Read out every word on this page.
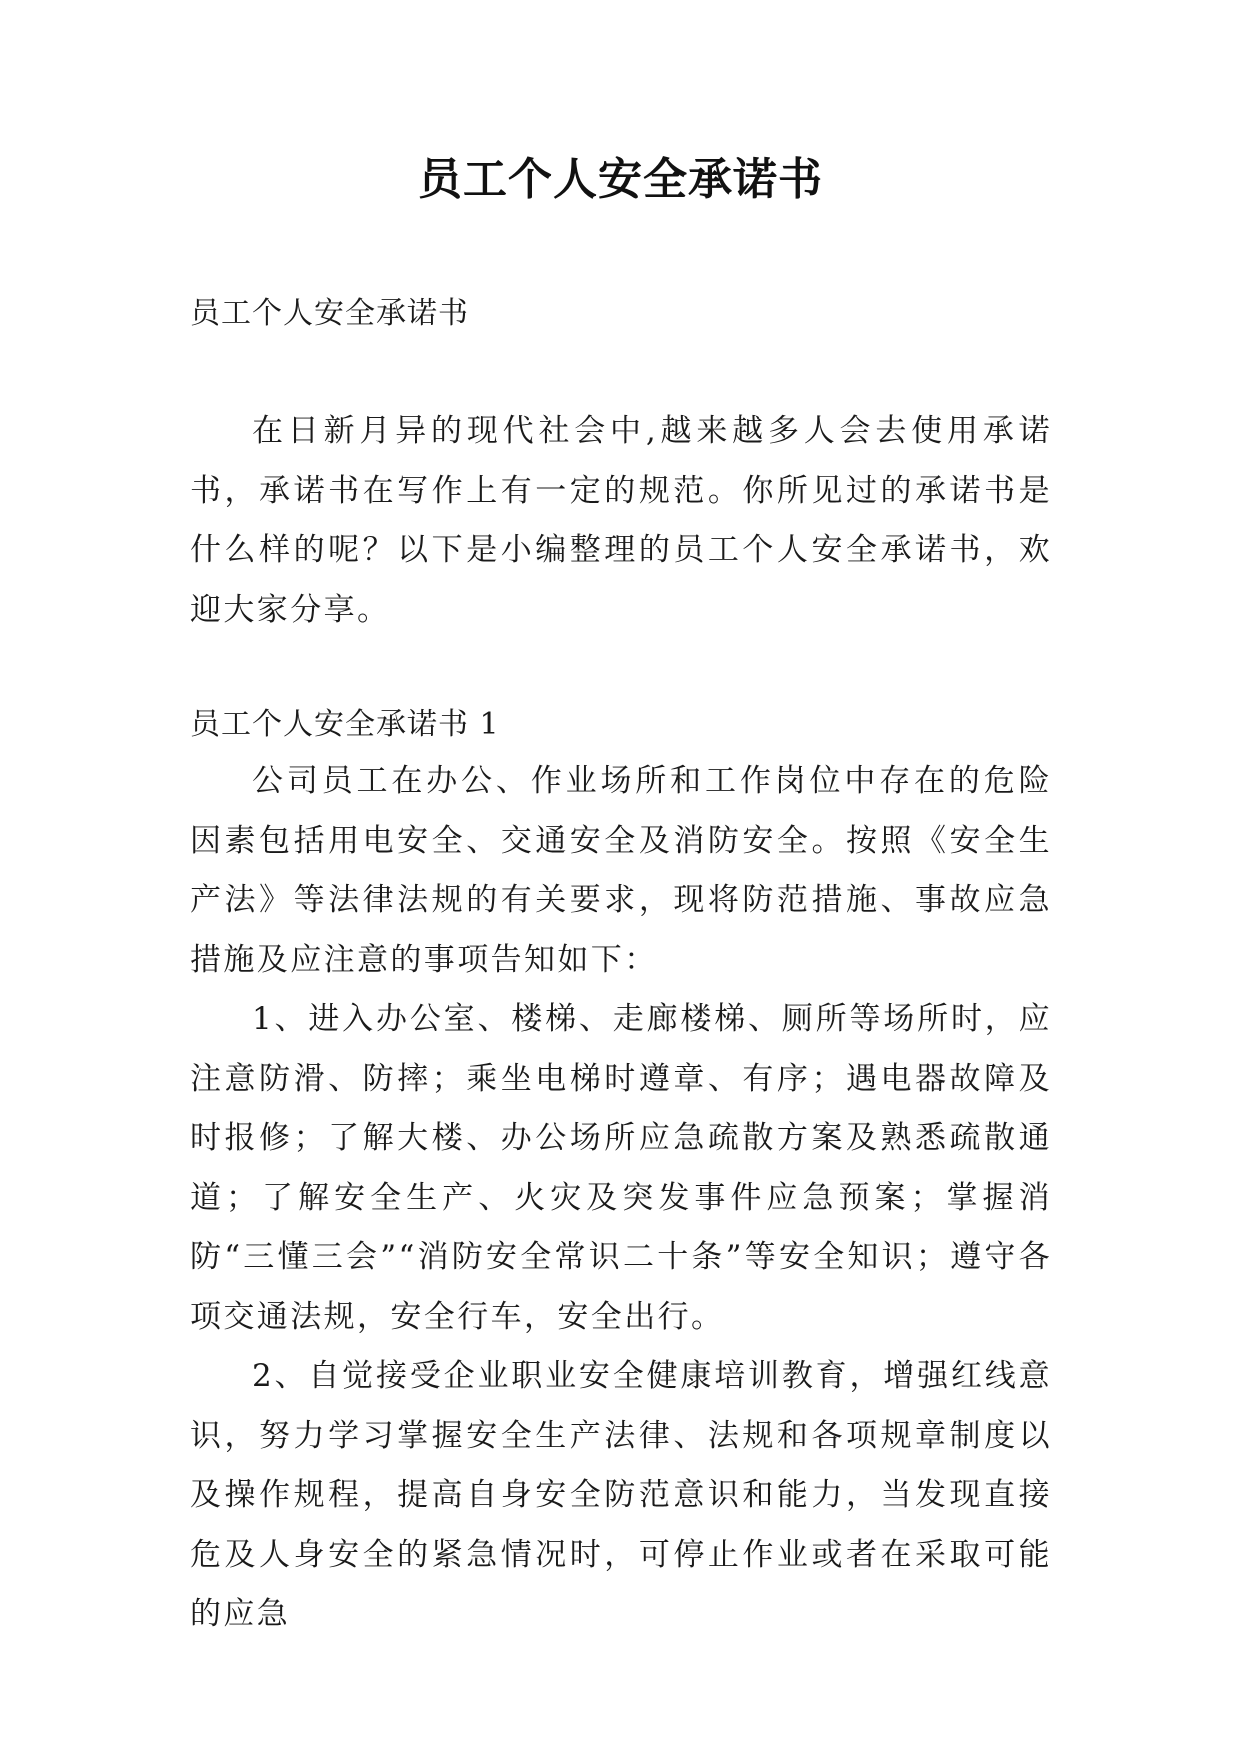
员工个人安全承诺书
员工个人安全承诺书

在日新月异的现代社会中,越来越多人会去使用承诺书，承诺书在写作上有一定的规范。你所见过的承诺书是什么样的呢？以下是小编整理的员工个人安全承诺书，欢迎大家分享。

员工个人安全承诺书 1

公司员工在办公、作业场所和工作岗位中存在的危险因素包括用电安全、交通安全及消防安全。按照《安全生产法》等法律法规的有关要求，现将防范措施、事故应急措施及应注意的事项告知如下：

1、进入办公室、楼梯、走廊楼梯、厕所等场所时，应注意防滑、防摔；乘坐电梯时遵章、有序；遇电器故障及时报修；了解大楼、办公场所应急疏散方案及熟悉疏散通道；了解安全生产、火灾及突发事件应急预案；掌握消防“三懂三会”“消防安全常识二十条”等安全知识；遵守各项交通法规，安全行车，安全出行。

2、自觉接受企业职业安全健康培训教育，增强红线意识，努力学习掌握安全生产法律、法规和各项规章制度以及操作规程，提高自身安全防范意识和能力，当发现直接危及人身安全的紧急情况时，可停止作业或者在采取可能的应急
